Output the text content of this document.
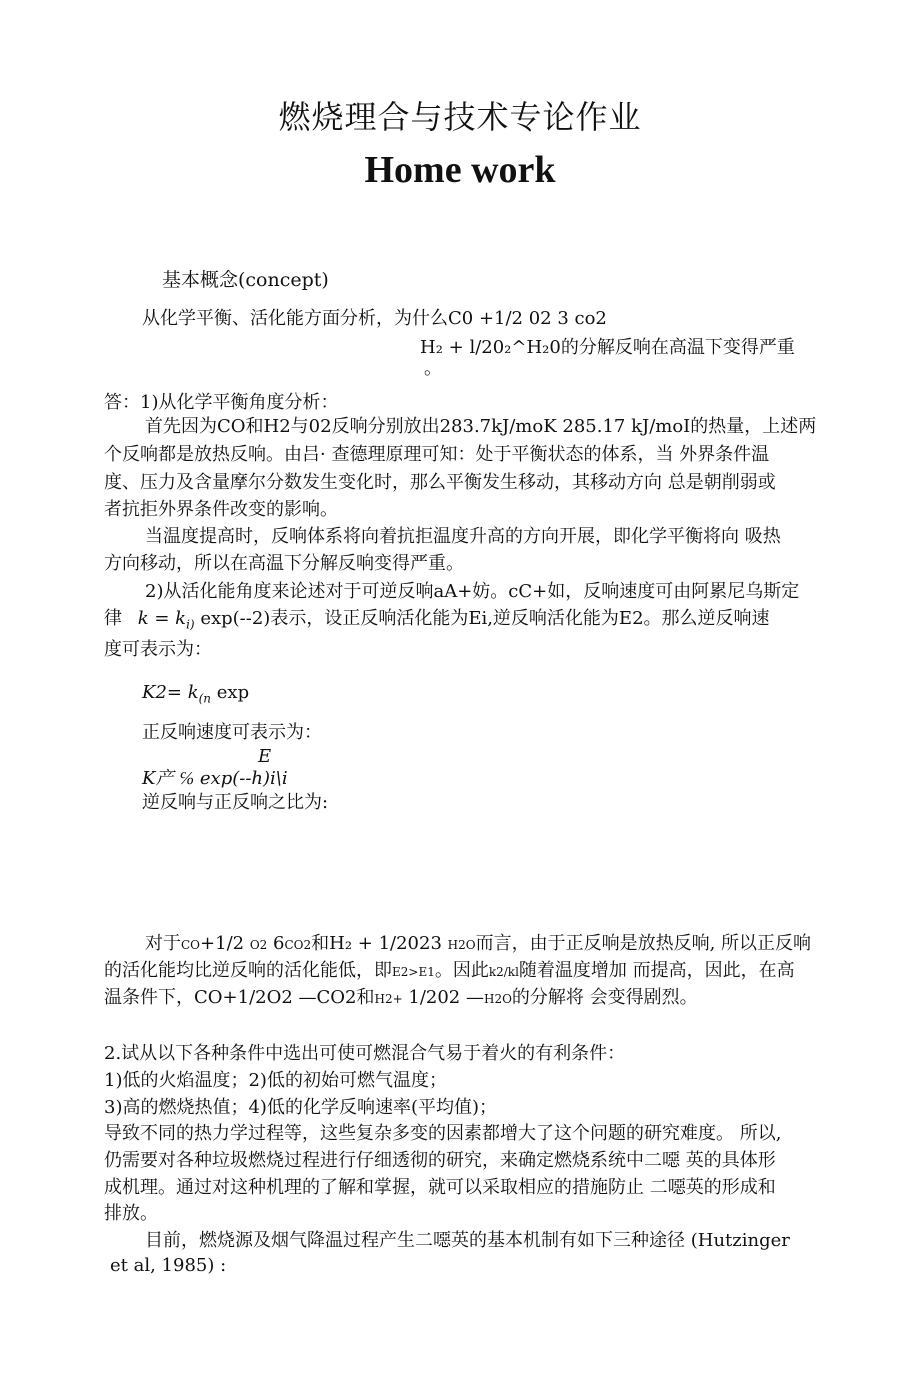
燃烧理合与技术专论作业
Home work
基本概念(concept)
从化学平衡、活化能方面分析，为什么C0 +1/2 02 3 co2
H₂ + l/20₂^H₂0的分解反响在高温下变得严重
。
答：1)从化学平衡角度分析：
首先因为CO和H2与02反响分别放出283.7kJ/moK 285.17 kJ/moI的热量，上述两
个反响都是放热反响。由吕· 查德理原理可知：处于平衡状态的体系，当 外界条件温
度、压力及含量摩尔分数发生变化时，那么平衡发生移动，其移动方向 总是朝削弱或
者抗拒外界条件改变的影响。
当温度提高时，反响体系将向着抗拒温度升高的方向开展，即化学平衡将向 吸热
方向移动，所以在高温下分解反响变得严重。
2)从活化能角度来论述对于可逆反响aA+妨。cC+如，反响速度可由阿累尼乌斯定
律 $k = k_{i)}$ exp(--2)表示，设正反响活化能为Ei,逆反响活化能为E2。那么逆反响速
度可表示为：
$K2= k_{(n}$ exp
正反响速度可表示为：
E
K产 ℅ exp(--h)i\i
逆反响与正反响之比为:
对于CO+1/2 O2 6CO2和H₂ + 1/2023 H2O而言，由于正反响是放热反响, 所以正反响
的活化能均比逆反响的活化能低，即E2>E1。因此k2/kl随着温度增加 而提高，因此，在高
温条件下，CO+1/2O2 —CO2和H2+ 1/202 —H2O的分解将 会变得剧烈。
2.试从以下各种条件中选出可使可燃混合气易于着火的有利条件：
1)低的火焰温度；2)低的初始可燃气温度；
3)高的燃烧热值；4)低的化学反响速率(平均值)；
导致不同的热力学过程等，这些复杂多变的因素都增大了这个问题的研究难度。 所以,
仍需要对各种垃圾燃烧过程进行仔细透彻的研究，来确定燃烧系统中二噁 英的具体形
成机理。通过对这种机理的了解和掌握，就可以采取相应的措施防止 二噁英的形成和
排放。
目前，燃烧源及烟气降温过程产生二噁英的基本机制有如下三种途径 (Hutzinger
et al, 1985) :
